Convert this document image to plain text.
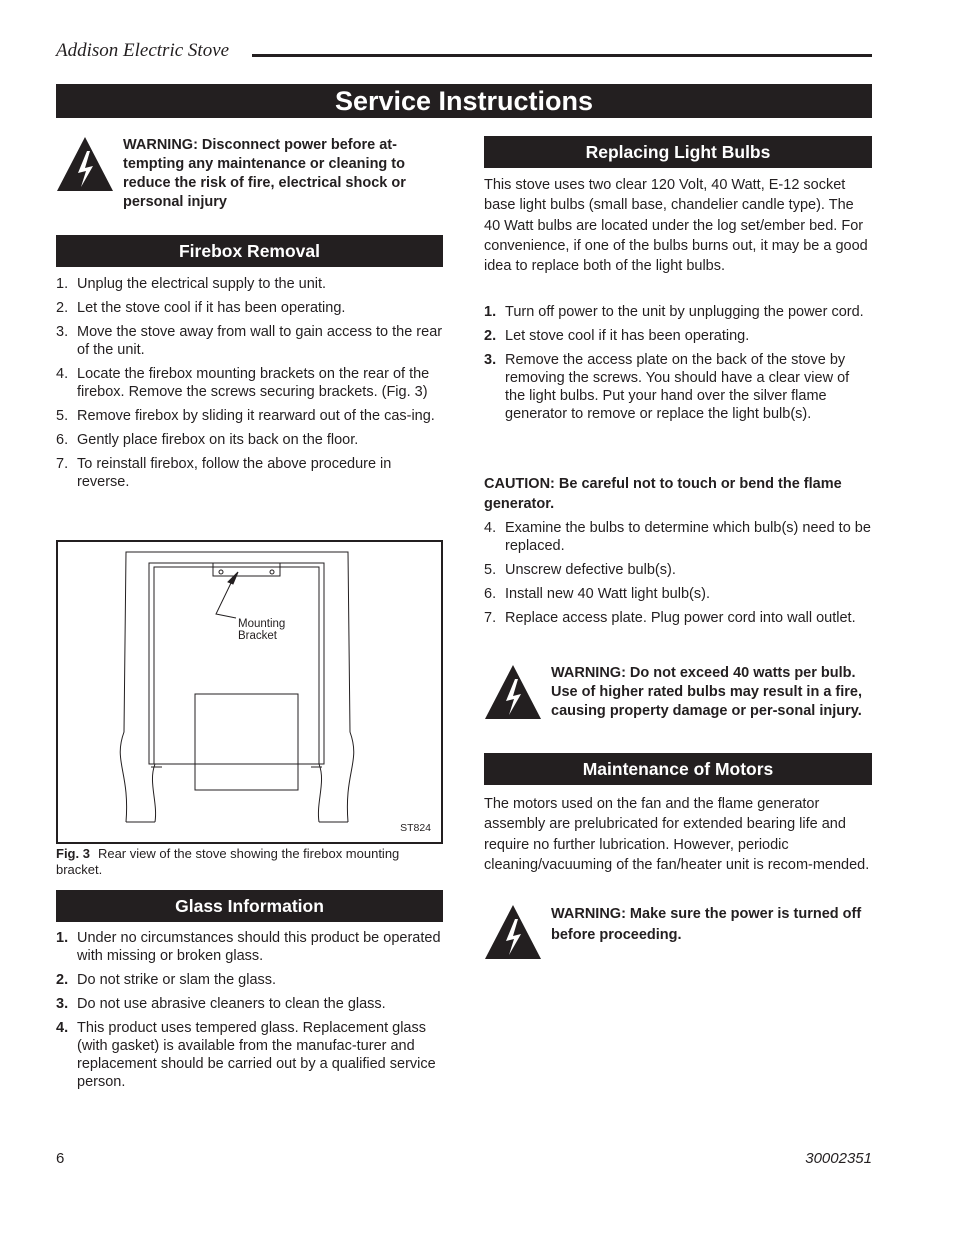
Addison Electric Stove
Service Instructions
WARNING: Disconnect power before at-tempting any maintenance or cleaning to reduce the risk of fire, electrical shock or personal injury
Firebox Removal
1. Unplug the electrical supply to the unit.
2. Let the stove cool if it has been operating.
3. Move the stove away from wall to gain access to the rear of the unit.
4. Locate the firebox mounting brackets on the rear of the firebox. Remove the screws securing brackets. (Fig. 3)
5. Remove firebox by sliding it rearward out of the cas-ing.
6. Gently place firebox on its back on the floor.
7. To reinstall firebox, follow the above procedure in reverse.
Mounting
Bracket
ST824
Fig. 3 Rear view of the stove showing the firebox mounting bracket.
Glass Information
1. Under no circumstances should this product be operated with missing or broken glass.
2. Do not strike or slam the glass.
3. Do not use abrasive cleaners to clean the glass.
4. This product uses tempered glass. Replacement glass (with gasket) is available from the manufac-turer and replacement should be carried out by a qualified service person.
Replacing Light Bulbs

This stove uses two clear 120 Volt, 40 Watt, E-12 socket base light bulbs (small base, chandelier candle type). The 40 Watt bulbs are located under the log set/ember bed. For convenience, if one of the bulbs burns out, it may be a good idea to replace both of the light bulbs.

1. Turn off power to the unit by unplugging the power cord.
2. Let stove cool if it has been operating.
3. Remove the access plate on the back of the stove by removing the screws. You should have a clear view of the light bulbs. Put your hand over the silver flame generator to remove or replace the light bulb(s).
CAUTION: Be careful not to touch or bend the flame generator.
4. Examine the bulbs to determine which bulb(s) need to be replaced.
5. Unscrew defective bulb(s).
6. Install new 40 Watt light bulb(s).
7. Replace access plate. Plug power cord into wall outlet.
WARNING: Do not exceed 40 watts per bulb. Use of higher rated bulbs may result in a fire, causing property damage or per-sonal injury.
Maintenance of Motors

The motors used on the fan and the flame generator assembly are prelubricated for extended bearing life and require no further lubrication. However, periodic cleaning/vacuuming of the fan/heater unit is recom-mended.

WARNING: Make sure the power is turned off before proceeding.
6	30002351
